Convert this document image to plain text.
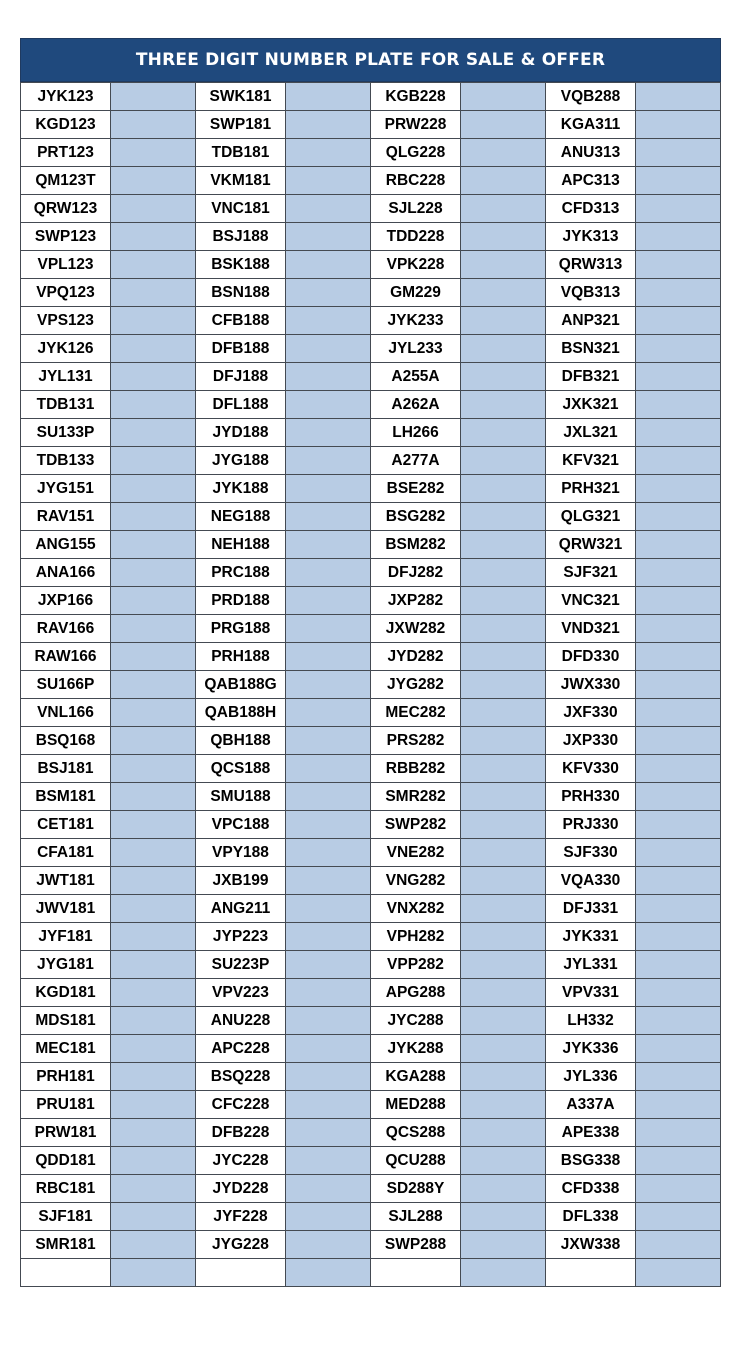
THREE DIGIT NUMBER PLATE FOR SALE & OFFER
JYK123		SWK181		KGB228		VQB288	
KGD123		SWP181		PRW228		KGA311	
PRT123		TDB181		QLG228		ANU313	
QM123T		VKM181		RBC228		APC313	
QRW123		VNC181		SJL228		CFD313	
SWP123		BSJ188		TDD228		JYK313	
VPL123		BSK188		VPK228		QRW313	
VPQ123		BSN188		GM229		VQB313	
VPS123		CFB188		JYK233		ANP321	
JYK126		DFB188		JYL233		BSN321	
JYL131		DFJ188		A255A		DFB321	
TDB131		DFL188		A262A		JXK321	
SU133P		JYD188		LH266		JXL321	
TDB133		JYG188		A277A		KFV321	
JYG151		JYK188		BSE282		PRH321	
RAV151		NEG188		BSG282		QLG321	
ANG155		NEH188		BSM282		QRW321	
ANA166		PRC188		DFJ282		SJF321	
JXP166		PRD188		JXP282		VNC321	
RAV166		PRG188		JXW282		VND321	
RAW166		PRH188		JYD282		DFD330	
SU166P		QAB188G		JYG282		JWX330	
VNL166		QAB188H		MEC282		JXF330	
BSQ168		QBH188		PRS282		JXP330	
BSJ181		QCS188		RBB282		KFV330	
BSM181		SMU188		SMR282		PRH330	
CET181		VPC188		SWP282		PRJ330	
CFA181		VPY188		VNE282		SJF330	
JWT181		JXB199		VNG282		VQA330	
JWV181		ANG211		VNX282		DFJ331	
JYF181		JYP223		VPH282		JYK331	
JYG181		SU223P		VPP282		JYL331	
KGD181		VPV223		APG288		VPV331	
MDS181		ANU228		JYC288		LH332	
MEC181		APC228		JYK288		JYK336	
PRH181		BSQ228		KGA288		JYL336	
PRU181		CFC228		MED288		A337A	
PRW181		DFB228		QCS288		APE338	
QDD181		JYC228		QCU288		BSG338	
RBC181		JYD228		SD288Y		CFD338	
SJF181		JYF228		SJL288		DFL338	
SMR181		JYG228		SWP288		JXW338	
